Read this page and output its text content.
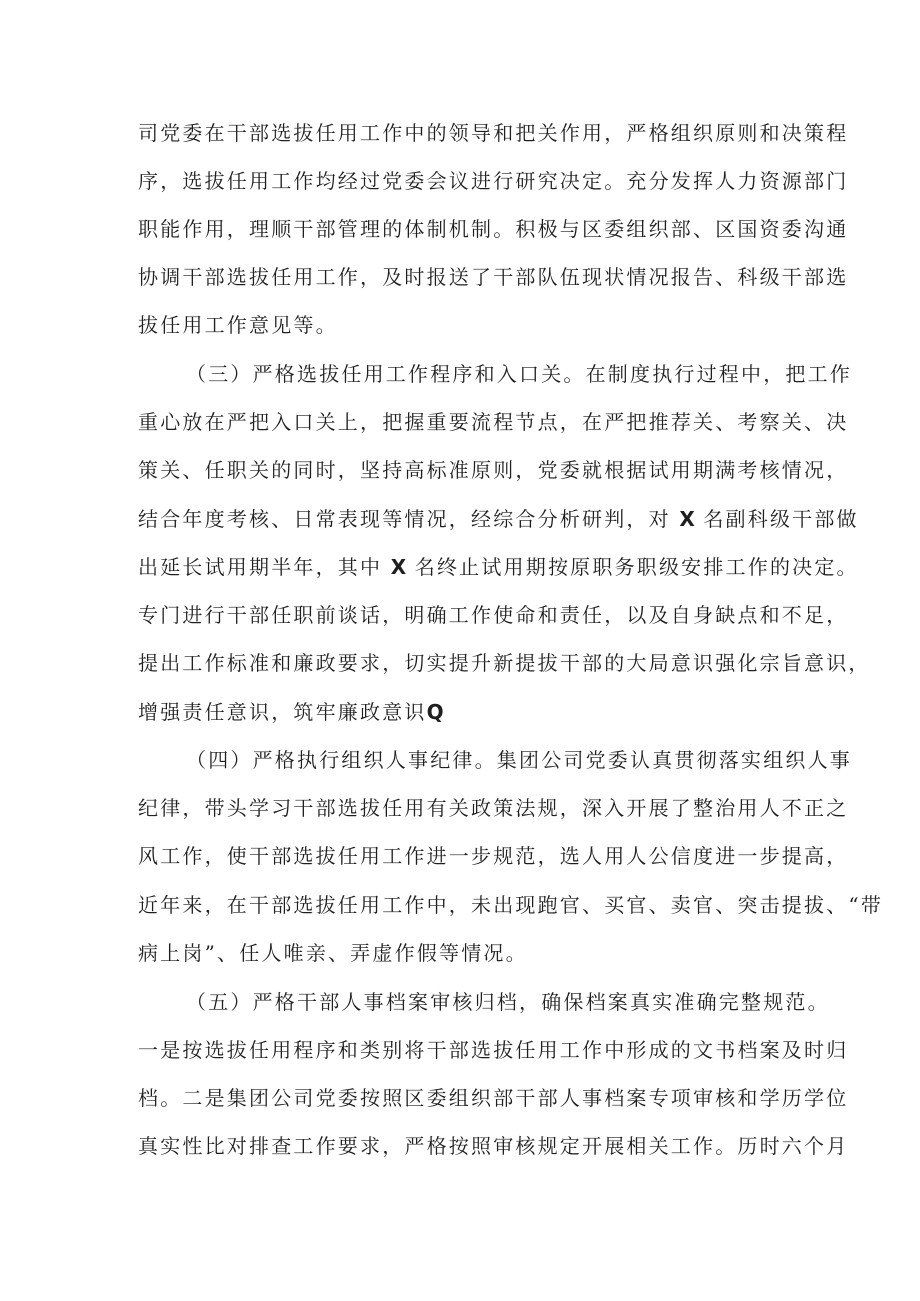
司党委在干部选拔任用工作中的领导和把关作用，严格组织原则和决策程
序，选拔任用工作均经过党委会议进行研究决定。充分发挥人力资源部门
职能作用，理顺干部管理的体制机制。积极与区委组织部、区国资委沟通
协调干部选拔任用工作，及时报送了干部队伍现状情况报告、科级干部选
拔任用工作意见等。
（三）严格选拔任用工作程序和入口关。在制度执行过程中，把工作
重心放在严把入口关上，把握重要流程节点，在严把推荐关、考察关、决
策关、任职关的同时，坚持高标准原则，党委就根据试用期满考核情况，
结合年度考核、日常表现等情况，经综合分析研判，对 X 名副科级干部做
出延长试用期半年，其中 X 名终止试用期按原职务职级安排工作的决定。
专门进行干部任职前谈话，明确工作使命和责任，以及自身缺点和不足，
提出工作标准和廉政要求，切实提升新提拔干部的大局意识强化宗旨意识，
增强责任意识，筑牢廉政意识Q
（四）严格执行组织人事纪律。集团公司党委认真贯彻落实组织人事
纪律，带头学习干部选拔任用有关政策法规，深入开展了整治用人不正之
风工作，使干部选拔任用工作进一步规范，选人用人公信度进一步提高，
近年来，在干部选拔任用工作中，未出现跑官、买官、卖官、突击提拔、“带
病上岗”、任人唯亲、弄虚作假等情况。
（五）严格干部人事档案审核归档，确保档案真实准确完整规范。
一是按选拔任用程序和类别将干部选拔任用工作中形成的文书档案及时归
档。二是集团公司党委按照区委组织部干部人事档案专项审核和学历学位
真实性比对排查工作要求，严格按照审核规定开展相关工作。历时六个月
